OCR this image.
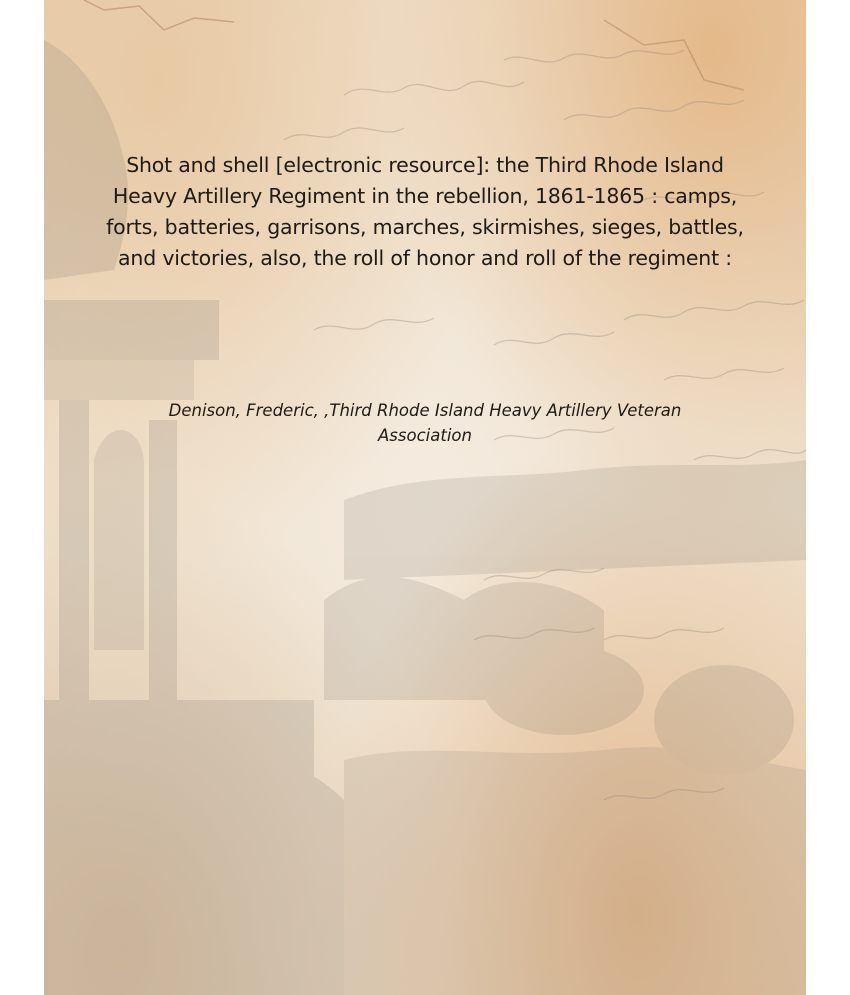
Shot and shell [electronic resource]: the Third Rhode Island Heavy Artillery Regiment in the rebellion, 1861-1865 : camps, forts, batteries, garrisons, marches, skirmishes, sieges, battles, and victories, also, the roll of honor and roll of the regiment :
Denison, Frederic, ,Third Rhode Island Heavy Artillery Veteran Association
